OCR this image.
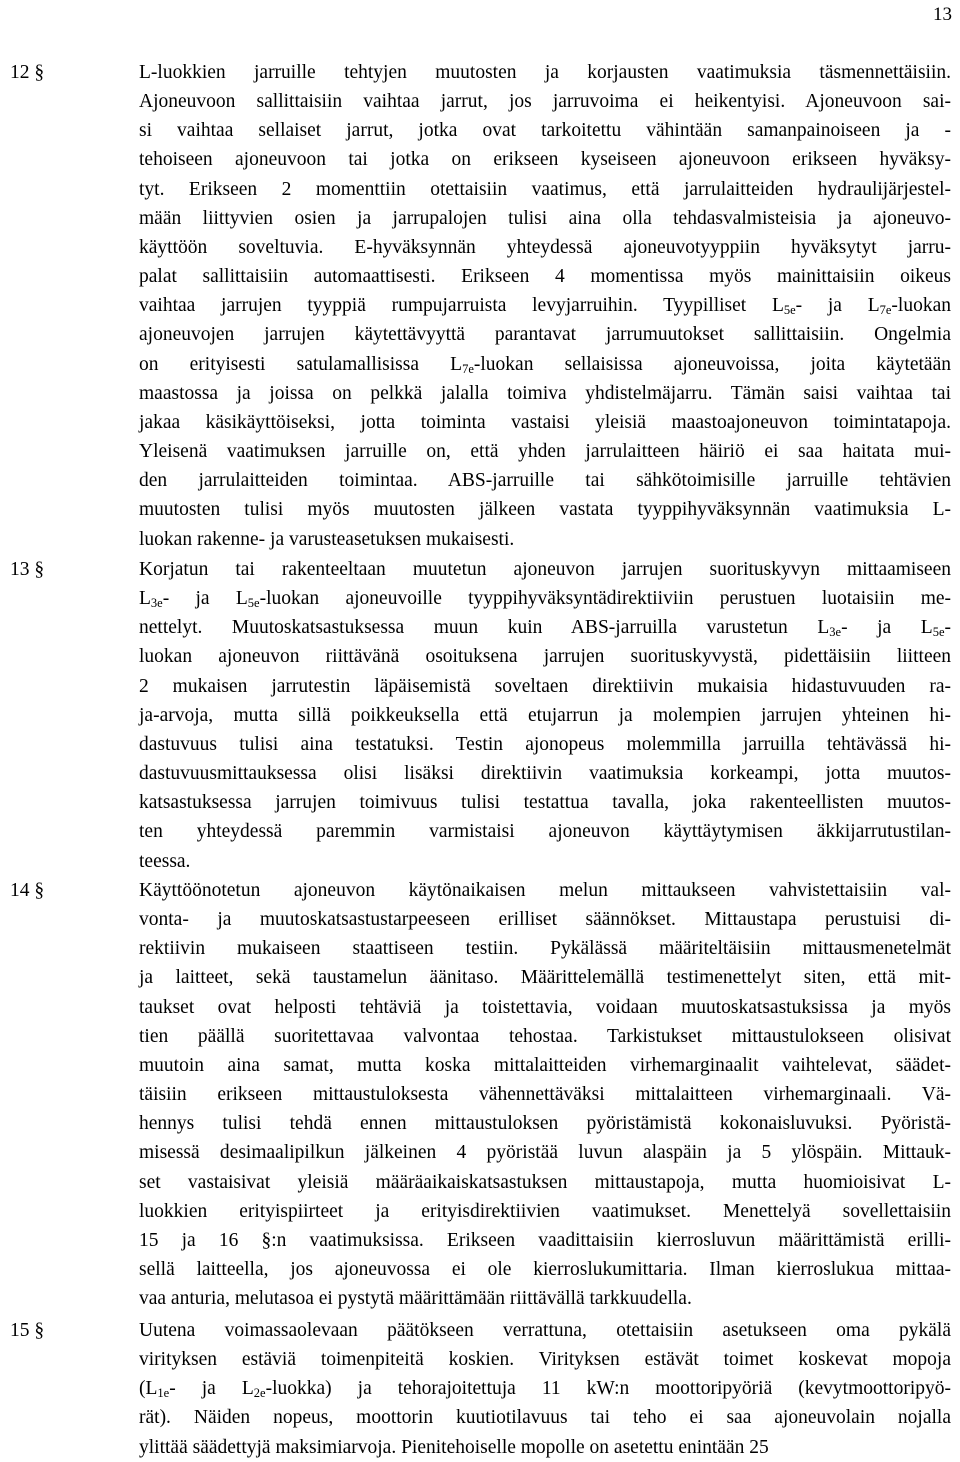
13
12 §	L-luokkien jarruille tehtyjen muutosten ja korjausten vaatimuksia täsmennettäisiin.
Ajoneuvoon sallittaisiin vaihtaa jarrut, jos jarruvoima ei heikentyisi. Ajoneuvoon sai-
si vaihtaa sellaiset jarrut, jotka ovat tarkoitettu vähintään samanpainoiseen ja -
tehoiseen ajoneuvoon tai jotka on erikseen kyseiseen ajoneuvoon erikseen hyväksy-
tyt. Erikseen 2 momenttiin otettaisiin vaatimus, että jarrulaitteiden hydraulijärjestel-
mään liittyvien osien ja jarrupalojen tulisi aina olla tehdasvalmisteisia ja ajoneuvo-
käyttöön soveltuvia. E-hyväksynnän yhteydessä ajoneuvotyyppiin hyväksytyt jarru-
palat sallittaisiin automaattisesti. Erikseen 4 momentissa myös mainittaisiin oikeus
vaihtaa jarrujen tyyppiä rumpujarruista levyjarruihin. Tyypilliset $L_{5e}-$ ja $L_{7e}$-luokan
ajoneuvojen jarrujen käytettävyyttä parantavat jarrumuutokset sallittaisiin. Ongelmia
on erityisesti satulamallisissa $L_{7e}$-luokan sellaisissa ajoneuvoissa, joita käytetään
maastossa ja joissa on pelkkä jalalla toimiva yhdistelmäjarru. Tämän saisi vaihtaa tai
jakaa käsikäyttöiseksi, jotta toiminta vastaisi yleisiä maastoajoneuvon toimintatapoja.
Yleisenä vaatimuksen jarruille on, että yhden jarrulaitteen häiriö ei saa haitata mui-
den jarrulaitteiden toimintaa. ABS-jarruille tai sähkötoimisille jarruille tehtävien
muutosten tulisi myös muutosten jälkeen vastata tyyppihyväksynnän vaatimuksia L-
luokan rakenne- ja varusteasetuksen mukaisesti.
13 §	Korjatun tai rakenteeltaan muutetun ajoneuvon jarrujen suorituskyvyn mittaamiseen
$L_{3e}-$ ja $L_{5e}$-luokan ajoneuvoille tyyppihyväksyntädirektiiviin perustuen luotaisiin me-
nettelyt. Muutoskatsastuksessa muun kuin ABS-jarruilla varustetun $L_{3e}-$ ja $L_{5e}-$
luokan ajoneuvon riittävänä osoituksena jarrujen suorituskyvystä, pidettäisiin liitteen
2 mukaisen jarrutestin läpäisemistä soveltaen direktiivin mukaisia hidastuvuuden ra-
ja-arvoja, mutta sillä poikkeuksella että etujarrun ja molempien jarrujen yhteinen hi-
dastuvuus tulisi aina testatuksi. Testin ajonopeus molemmilla jarruilla tehtävässä hi-
dastuvuusmittauksessa olisi lisäksi direktiivin vaatimuksia korkeampi, jotta muutos-
katsastuksessa jarrujen toimivuus tulisi testattua tavalla, joka rakenteellisten muutos-
ten yhteydessä paremmin varmistaisi ajoneuvon käyttäytymisen äkkijarrutustilan-
teessa.
14 §	Käyttöönotetun ajoneuvon käytönaikaisen melun mittaukseen vahvistettaisiin val-
vonta- ja muutoskatsastustarpeeseen erilliset säännökset. Mittaustapa perustuisi di-
rektiivin mukaiseen staattiseen testiin. Pykälässä määriteltäisiin mittausmenetelmät
ja laitteet, sekä taustamelun äänitaso. Määrittelemällä testimenettelyt siten, että mit-
taukset ovat helposti tehtäviä ja toistettavia, voidaan muutoskatsastuksissa ja myös
tien päällä suoritettavaa valvontaa tehostaa. Tarkistukset mittaustulokseen olisivat
muutoin aina samat, mutta koska mittalaitteiden virhemarginaalit vaihtelevat, säädet-
täisiin erikseen mittaustuloksesta vähennettäväksi mittalaitteen virhemarginaali. Vä-
hennys tulisi tehdä ennen mittaustuloksen pyöristämistä kokonaisluvuksi. Pyöristä-
misessä desimaalipilkun jälkeinen 4 pyöristää luvun alaspäin ja 5 ylöspäin. Mittauk-
set vastaisivat yleisiä määräaikaiskatsastuksen mittaustapoja, mutta huomioisivat L-
luokkien erityispiirteet ja erityisdirektiivien vaatimukset. Menettelyä sovellettaisiin
15 ja 16 §:n vaatimuksissa. Erikseen vaadittaisiin kierrosluvun määrittämistä erilli-
sellä laitteella, jos ajoneuvossa ei ole kierroslukumittaria. Ilman kierroslukua mittaa-
vaa anturia, melutasoa ei pystytä määrittämään riittävällä tarkkuudella.
15 §	Uutena voimassaolevaan päätökseen verrattuna, otettaisiin asetukseen oma pykälä
virityksen estäviä toimenpiteitä koskien. Virityksen estävät toimet koskevat mopoja
($L_{1e}-$ ja $L_{2e}-luokka$) ja tehorajoitettuja 11 kW:n moottoripyöriä (kevytmoottoripyö-
rät). Näiden nopeus, moottorin kuutiotilavuus tai teho ei saa ajoneuvolain nojalla
ylittää säädettyjä maksimiarvoja. Pienitehoiselle mopolle on asetettu enintään 25
